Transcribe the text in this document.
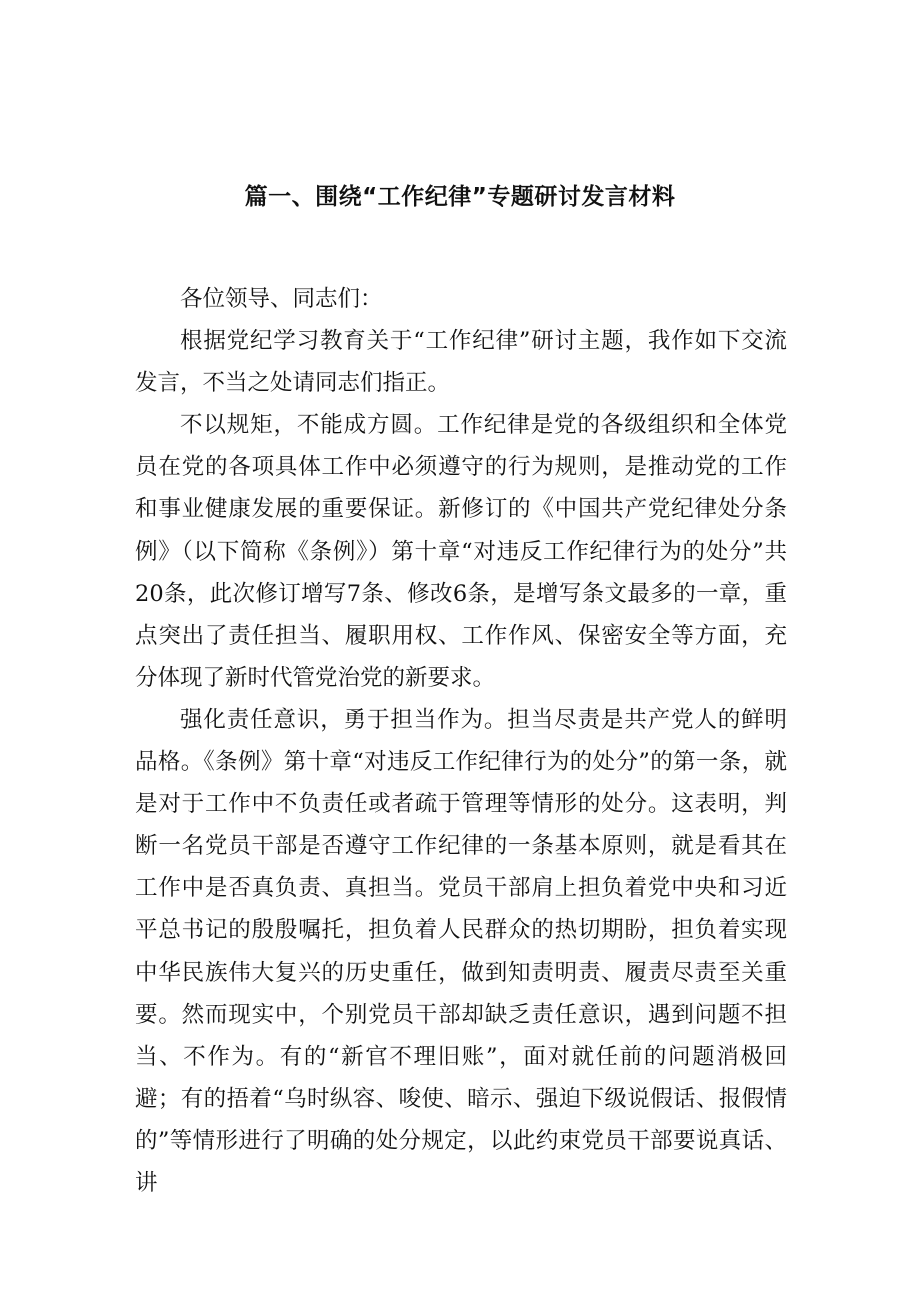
篇一、围绕“工作纪律”专题研讨发言材料

各位领导、同志们：

根据党纪学习教育关于“工作纪律”研讨主题，我作如下交流发言，不当之处请同志们指正。

不以规矩，不能成方圆。工作纪律是党的各级组织和全体党员在党的各项具体工作中必须遵守的行为规则，是推动党的工作和事业健康发展的重要保证。新修订的《中国共产党纪律处分条例》（以下简称《条例》）第十章“对违反工作纪律行为的处分”共20条，此次修订增写7条、修改6条，是增写条文最多的一章，重点突出了责任担当、履职用权、工作作风、保密安全等方面，充分体现了新时代管党治党的新要求。

强化责任意识，勇于担当作为。担当尽责是共产党人的鲜明品格。《条例》第十章“对违反工作纪律行为的处分”的第一条，就是对于工作中不负责任或者疏于管理等情形的处分。这表明，判断一名党员干部是否遵守工作纪律的一条基本原则，就是看其在工作中是否真负责、真担当。党员干部肩上担负着党中央和习近平总书记的殷殷嘱托，担负着人民群众的热切期盼，担负着实现中华民族伟大复兴的历史重任，做到知责明责、履责尽责至关重要。然而现实中，个别党员干部却缺乏责任意识，遇到问题不担当、不作为。有的“新官不理旧账”，面对就任前的问题消极回避；有的捂着“乌时纵容、唆使、暗示、强迫下级说假话、报假情的”等情形进行了明确的处分规定，以此约束党员干部要说真话、讲
